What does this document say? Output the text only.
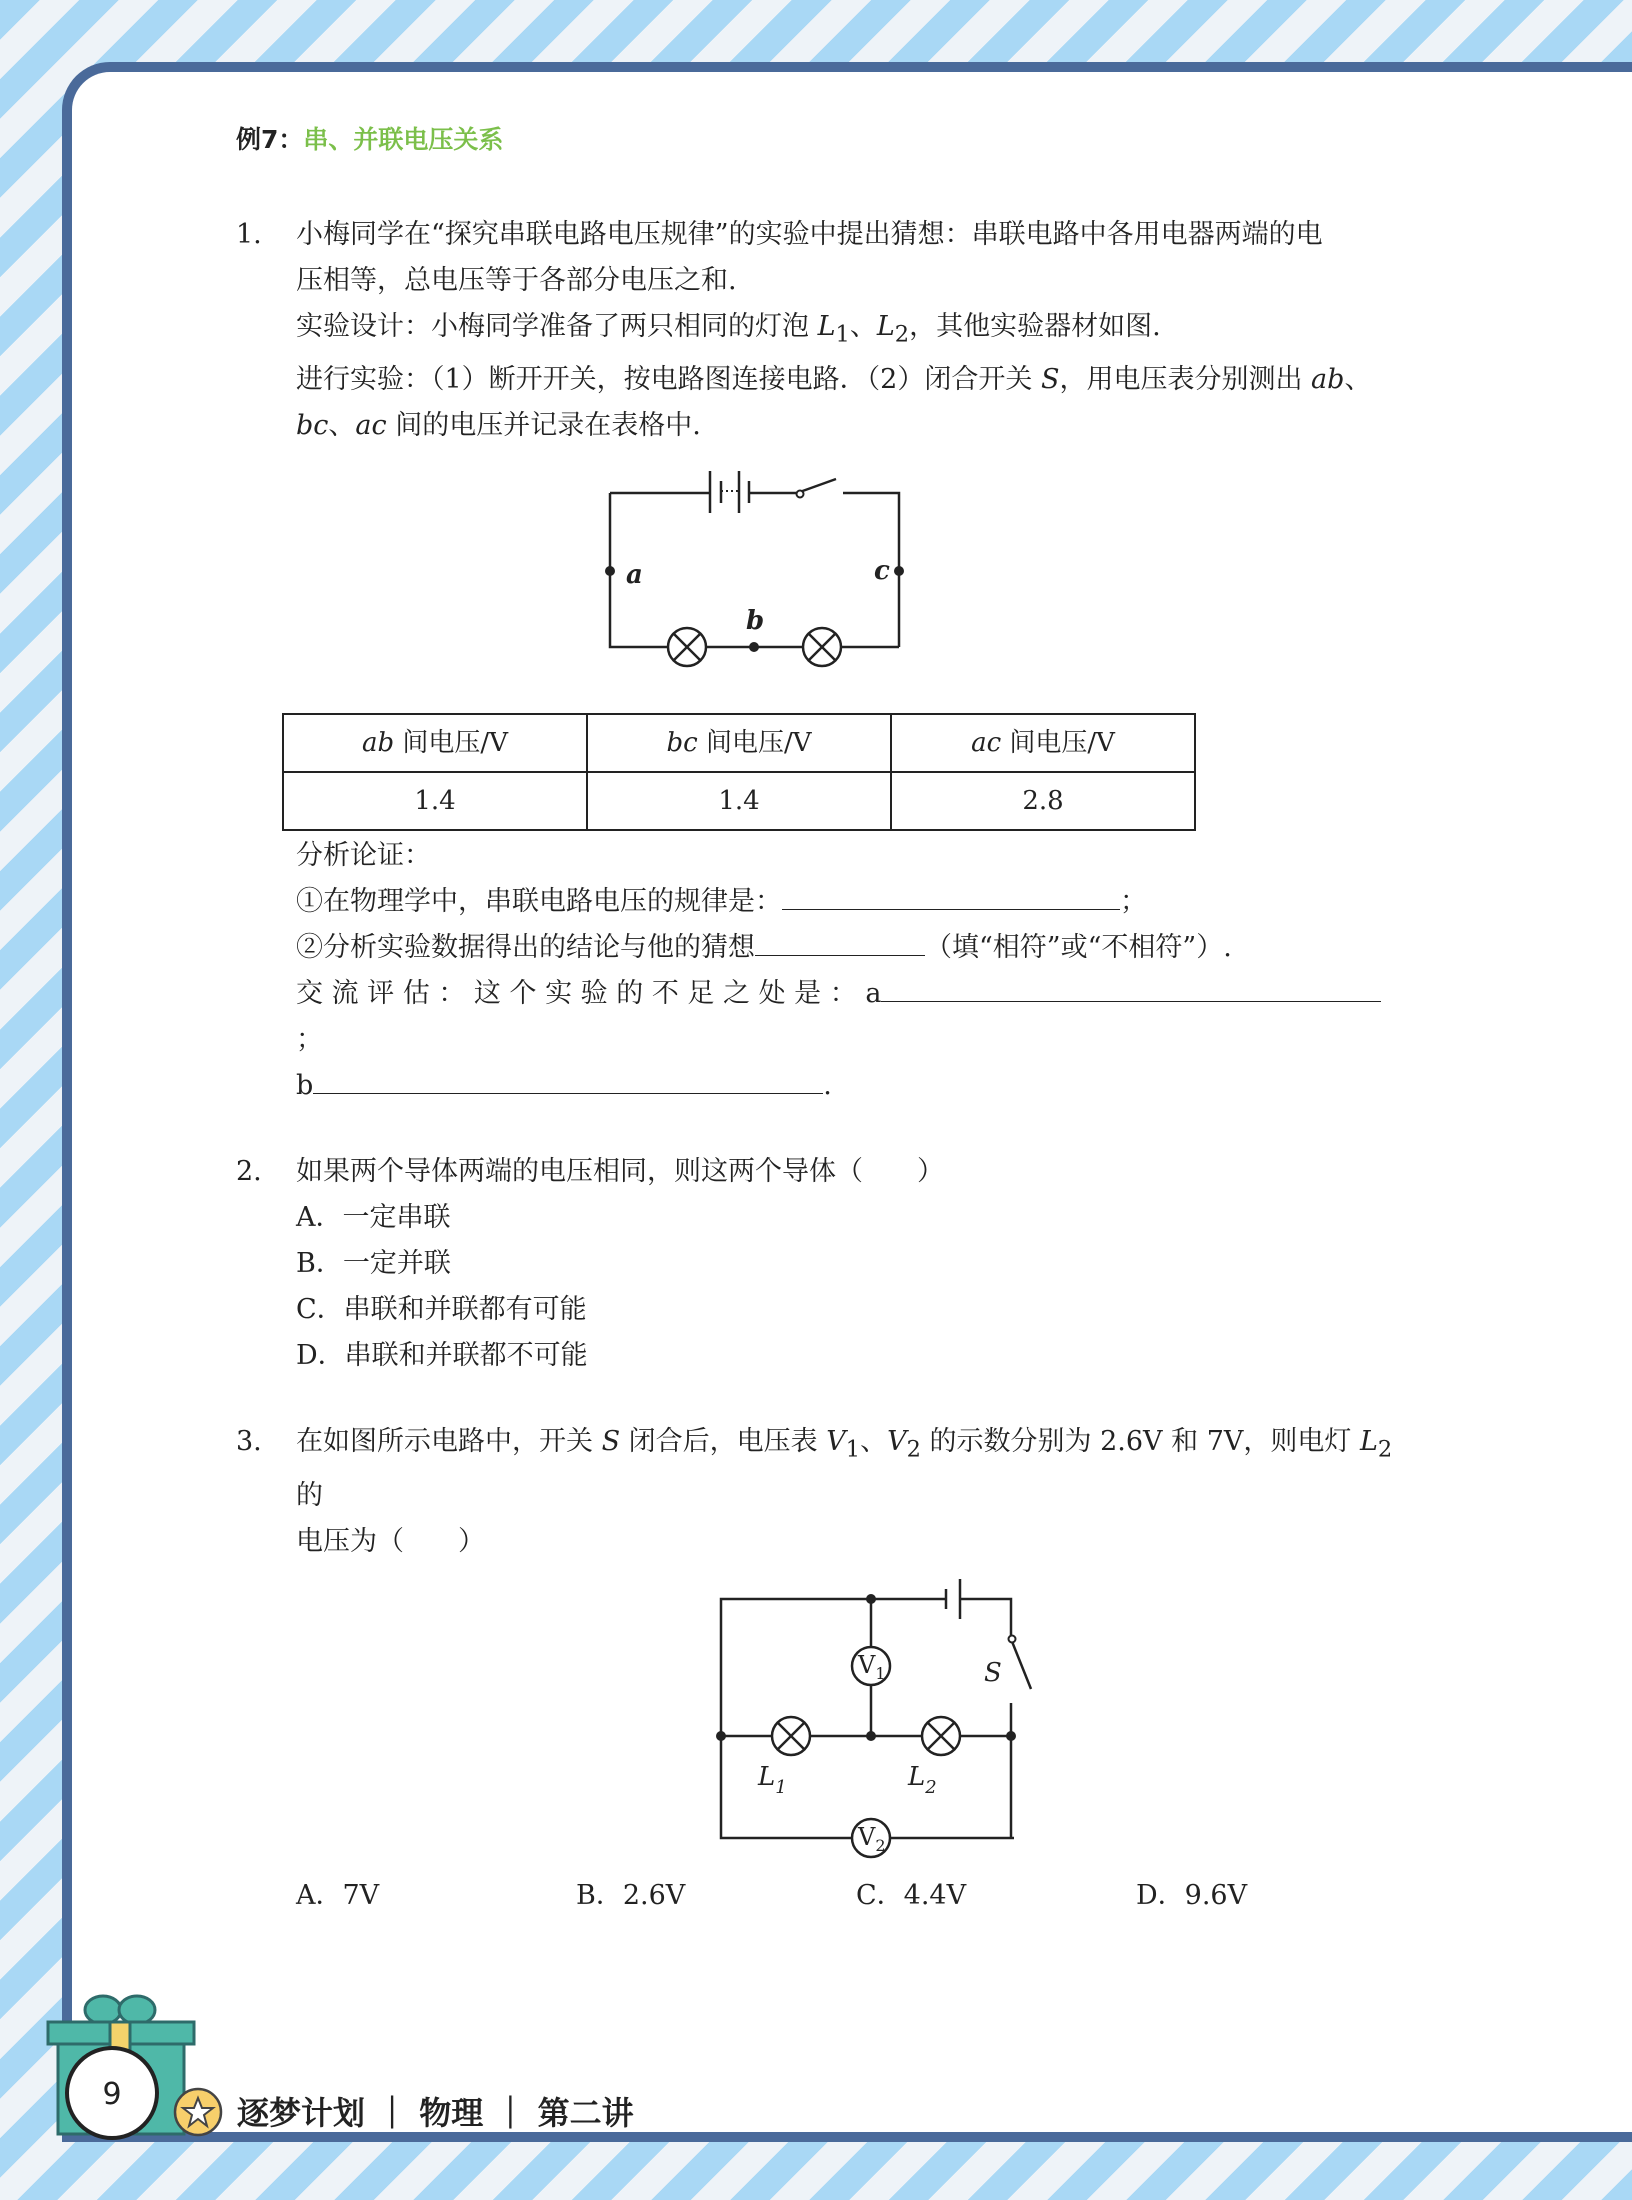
例7：串、并联电压关系
1. 小梅同学在“探究串联电路电压规律”的实验中提出猜想：串联电路中各用电器两端的电
压相等，总电压等于各部分电压之和.
实验设计：小梅同学准备了两只相同的灯泡 $L_1$、$L_2$，其他实验器材如图.
进行实验：（1）断开开关，按电路图连接电路．（2）闭合开关 S，用电压表分别测出 ab、
bc、ac 间的电压并记录在表格中.
a	c
b
ab 间电压/V	bc 间电压/V	ac 间电压/V
1.4	1.4	2.8
分析论证：
①在物理学中，串联电路电压的规律是：	；
②分析实验数据得出的结论与他的猜想	（填“相符”或“不相符”）.
交 流 评 估 ： 这 个 实 验 的 不 足 之 处 是 ： a；
b	.
2. 如果两个导体两端的电压相同，则这两个导体（　　）
A．一定串联
B．一定并联
C．串联和并联都有可能
D．串联和并联都不可能
3. 在如图所示电路中，开关 S 闭合后，电压表 $V_1$、$V_2$ 的示数分别为 2.6V 和 7V，则电灯 $L_2$ 的
电压为（　　）
$V_1$
$V_2$
S
$L_1$	$L_2$
A．7V	B．2.6V	C．4.4V	D．9.6V
9	逐梦计划 ｜ 物理 ｜ 第二讲
